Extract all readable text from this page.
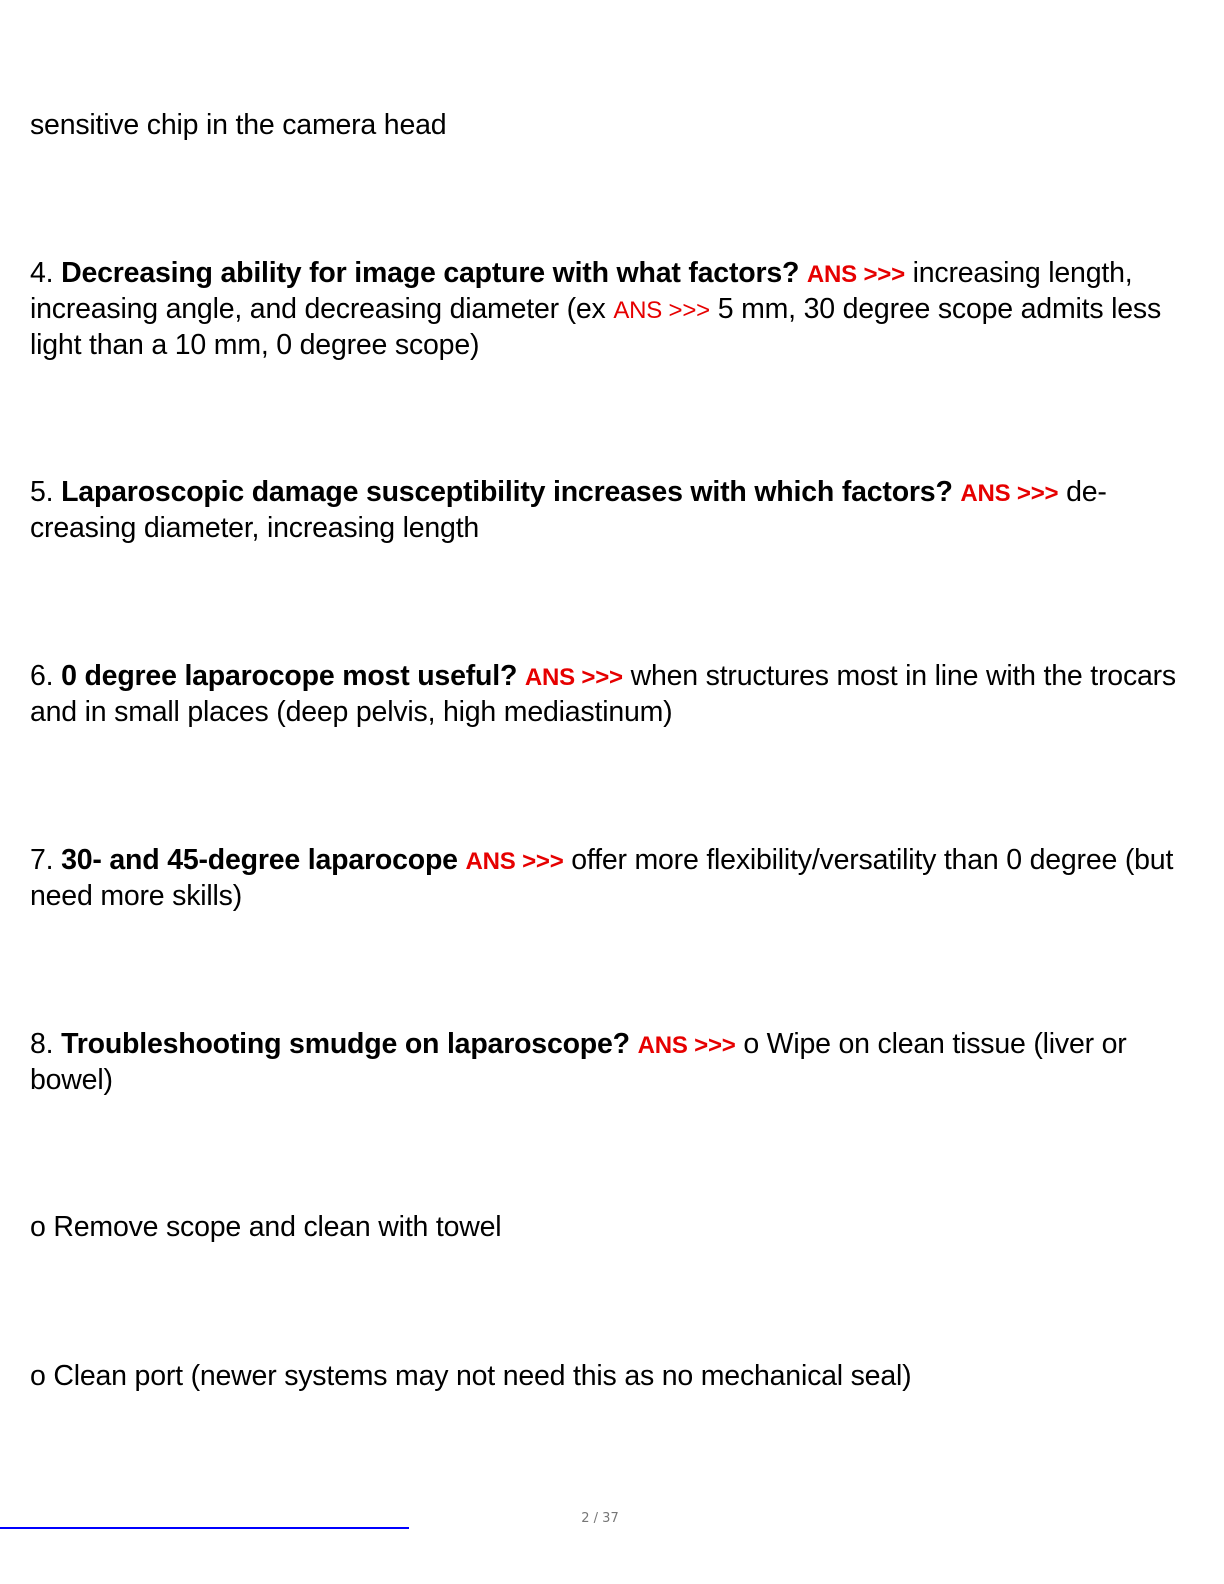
sensitive chip in the camera head
4. Decreasing ability for image capture with what factors? ANS >>> increasing length, increasing angle, and decreasing diameter (ex ANS >>> 5 mm, 30 degree scope admits less light than a 10 mm, 0 degree scope)
5. Laparoscopic damage susceptibility increases with which factors? ANS >>> de- creasing diameter, increasing length
6. 0 degree laparocope most useful? ANS >>> when structures most in line with the trocars and in small places (deep pelvis, high mediastinum)
7. 30- and 45-degree laparocope ANS >>> offer more flexibility/versatility than 0 degree (but need more skills)
8. Troubleshooting smudge on laparoscope? ANS >>> o Wipe on clean tissue (liver or bowel)
o Remove scope and clean with towel
o Clean port (newer systems may not need this as no mechanical seal)
2 / 37
